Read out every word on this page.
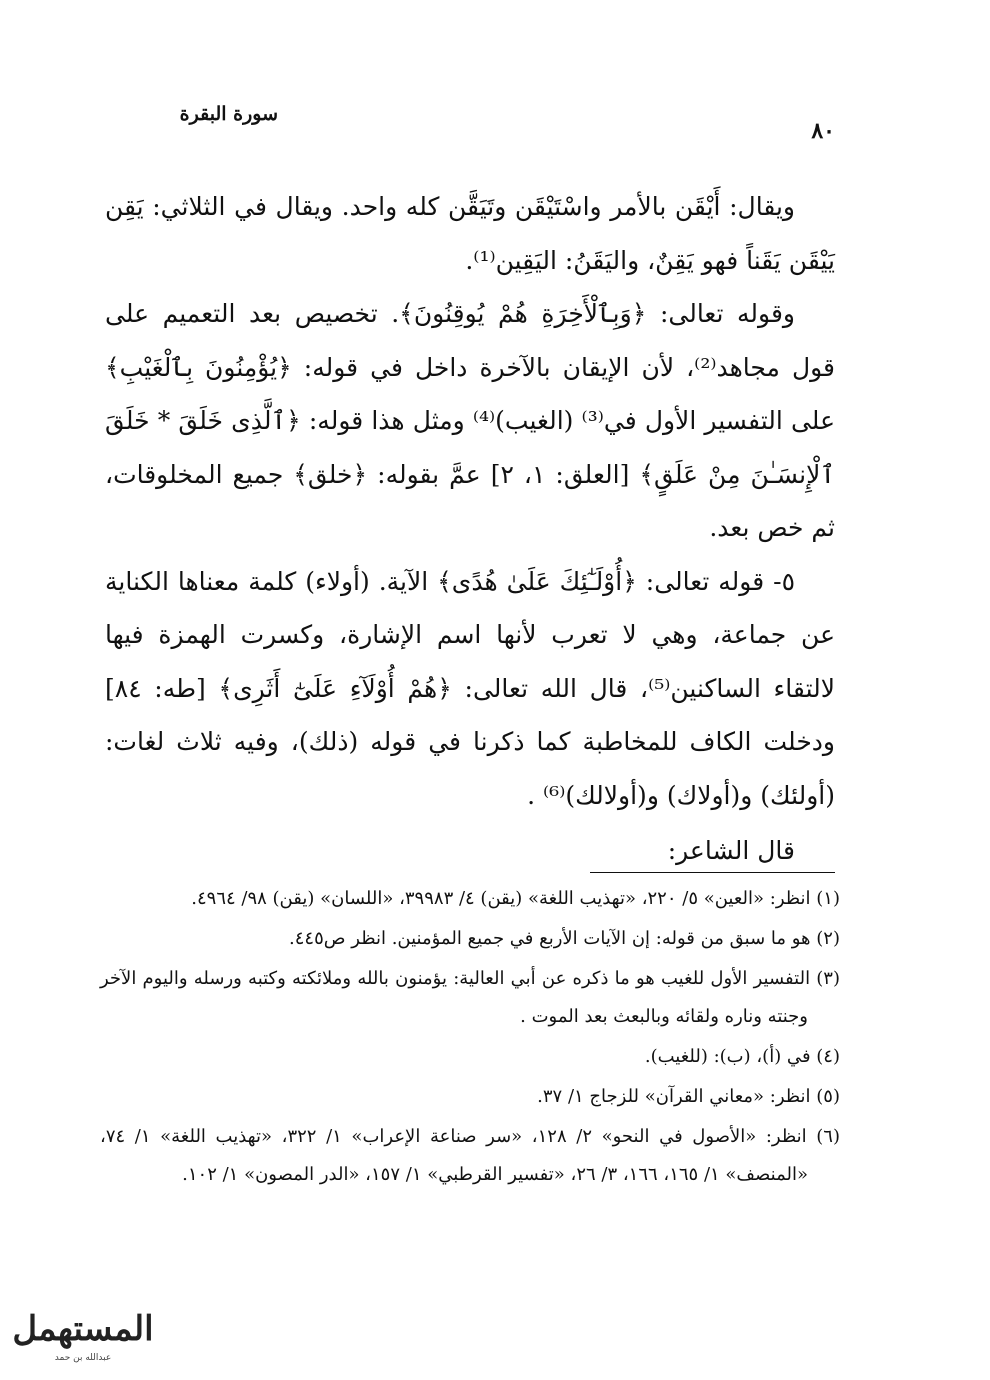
سورة البقرة
٨٠

ويقال: أَيْقَن بالأمر واسْتَيْقَن وتَيَقَّن كله واحد. ويقال في الثلاثي: يَقِن يَيْقَن يَقَناً فهو يَقِنٌ، واليَقَنُ: اليَقِين⁽¹⁾.

وقوله تعالى: ﴿وَبِٱلْأَخِرَةِ هُمْ يُوقِنُونَ﴾. تخصيص بعد التعميم على قول مجاهد⁽²⁾، لأن الإيقان بالآخرة داخل في قوله: ﴿يُؤْمِنُونَ بِٱلْغَيْبِ﴾ على التفسير الأول في⁽³⁾ (الغيب)⁽⁴⁾ ومثل هذا قوله: ﴿ٱلَّذِى خَلَقَ * خَلَقَ ٱلْإِنسَـٰنَ مِنْ عَلَقٍ﴾ [العلق: ١، ٢] عمَّ بقوله: ﴿خلق﴾ جميع المخلوقات، ثم خص بعد.

٥- قوله تعالى: ﴿أُوْلَـٰٓئِكَ عَلَىٰ هُدًى﴾ الآية. (أولاء) كلمة معناها الكناية عن جماعة، وهي لا تعرب لأنها اسم الإشارة، وكسرت الهمزة فيها لالتقاء الساكنين⁽⁵⁾، قال الله تعالى: ﴿هُمْ أُوْلَآءِ عَلَىٰٓ أَثَرِى﴾ [طه: ٨٤] ودخلت الكاف للمخاطبة كما ذكرنا في قوله (ذلك)، وفيه ثلاث لغات: (أولئك) و(أولاك) و(أولالك)⁽⁶⁾ .

قال الشاعر:

(١) انظر: «العين» ٥/ ٢٢٠، «تهذيب اللغة» (يقن) ٤/ ٣٩٩٨٣، «اللسان» (يقن) ٩٨/ ٤٩٦٤.

(٢) هو ما سبق من قوله: إن الآيات الأربع في جميع المؤمنين. انظر ص٤٤٥.

(٣) التفسير الأول للغيب هو ما ذكره عن أبي العالية: يؤمنون بالله وملائكته وكتبه ورسله واليوم الآخر وجنته وناره ولقائه وبالبعث بعد الموت .

(٤) في (أ)، (ب): (للغيب).

(٥) انظر: «معاني القرآن» للزجاج ١/ ٣٧.

(٦) انظر: «الأصول في النحو» ٢/ ١٢٨، «سر صناعة الإعراب» ١/ ٣٢٢، «تهذيب اللغة» ١/ ٧٤، «المنصف» ١/ ١٦٥، ١٦٦، ٣/ ٢٦، «تفسير القرطبي» ١/ ١٥٧، «الدر المصون» ١/ ١٠٢.

المستهمل
عبدالله بن حمد
